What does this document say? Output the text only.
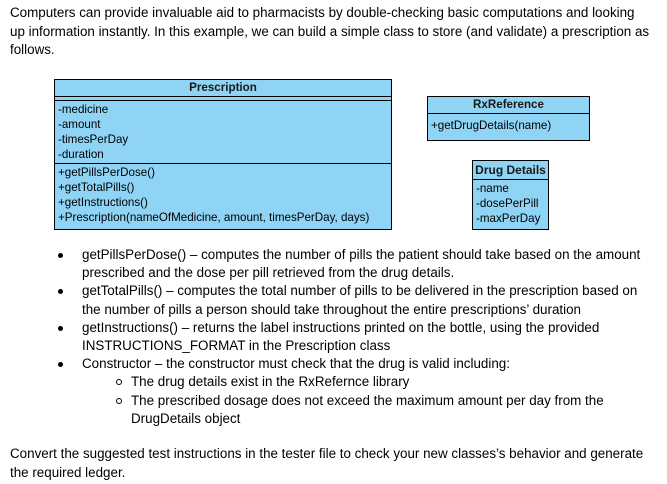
Computers can provide invaluable aid to pharmacists by double-checking basic computations and looking up information instantly. In this example, we can build a simple class to store (and validate) a prescription as follows.
Prescription
-medicine
-amount
-timesPerDay
-duration
+getPillsPerDose()
+getTotalPills()
+getInstructions()
+Prescription(nameOfMedicine, amount, timesPerDay, days)
RxReference
+getDrugDetails(name)
Drug Details
-name
-dosePerPill
-maxPerDay
getPillsPerDose() – computes the number of pills the patient should take based on the amount prescribed and the dose per pill retrieved from the drug details.
getTotalPills() – computes the total number of pills to be delivered in the prescription based on the number of pills a person should take throughout the entire prescriptions’ duration
getInstructions() – returns the label instructions printed on the bottle, using the provided INSTRUCTIONS_FORMAT in the Prescription class
Constructor – the constructor must check that the drug is valid including:
The drug details exist in the RxRefernce library
The prescribed dosage does not exceed the maximum amount per day from the DrugDetails object
Convert the suggested test instructions in the tester file to check your new classes’s behavior and generate the required ledger.
